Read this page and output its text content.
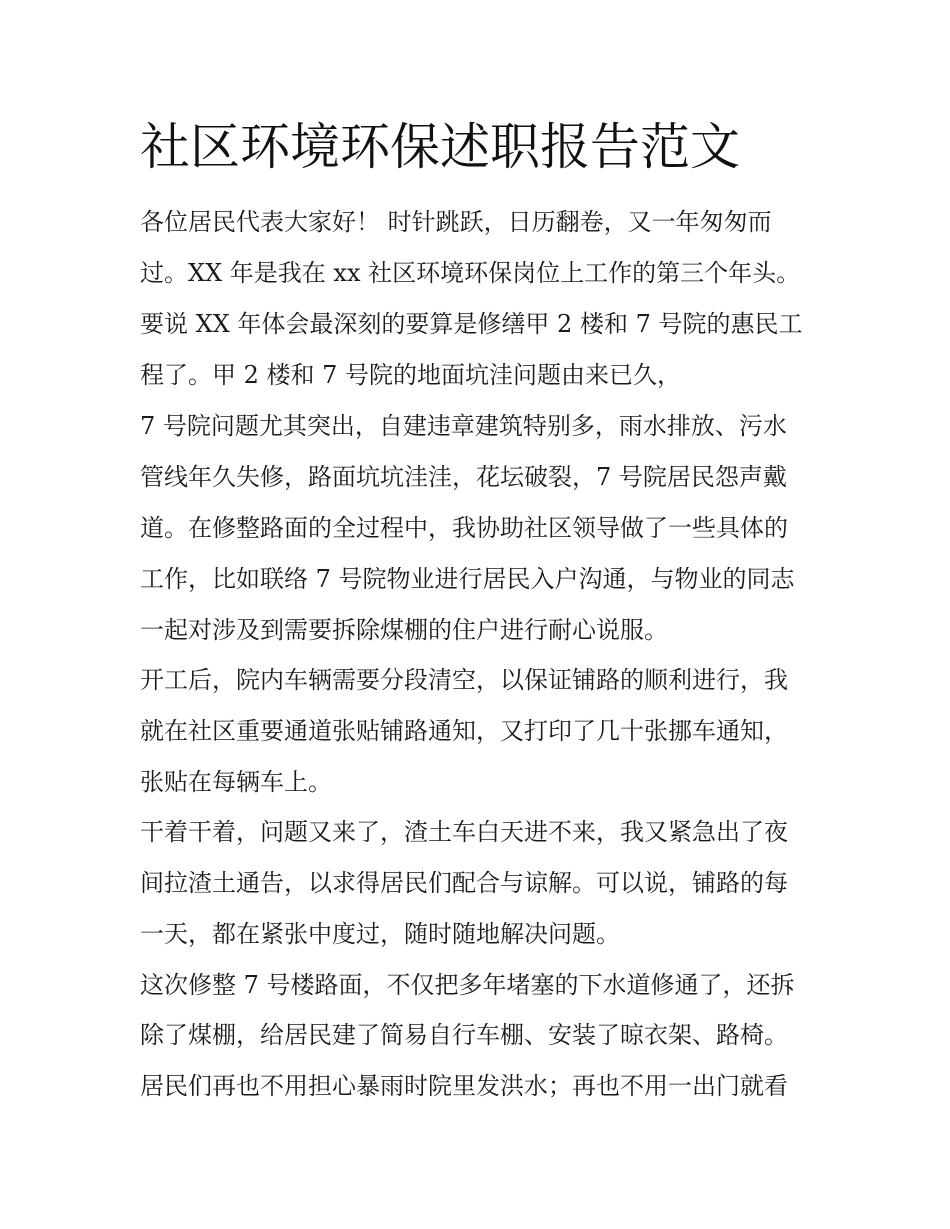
社区环境环保述职报告范文

各位居民代表大家好！ 时针跳跃，日历翻卷，又一年匆匆而

过。XX 年是我在 xx 社区环境环保岗位上工作的第三个年头。

要说 XX 年体会最深刻的要算是修缮甲 2 楼和 7 号院的惠民工

程了。甲 2 楼和 7 号院的地面坑洼问题由来已久，

7 号院问题尤其突出，自建违章建筑特别多，雨水排放、污水

管线年久失修，路面坑坑洼洼，花坛破裂，7 号院居民怨声戴

道。在修整路面的全过程中，我协助社区领导做了一些具体的

工作，比如联络 7 号院物业进行居民入户沟通，与物业的同志

一起对涉及到需要拆除煤棚的住户进行耐心说服。

开工后，院内车辆需要分段清空，以保证铺路的顺利进行，我

就在社区重要通道张贴铺路通知，又打印了几十张挪车通知，

张贴在每辆车上。

干着干着，问题又来了，渣土车白天进不来，我又紧急出了夜

间拉渣土通告，以求得居民们配合与谅解。可以说，铺路的每

一天，都在紧张中度过，随时随地解决问题。

这次修整 7 号楼路面，不仅把多年堵塞的下水道修通了，还拆

除了煤棚，给居民建了简易自行车棚、安装了晾衣架、路椅。

居民们再也不用担心暴雨时院里发洪水；再也不用一出门就看
